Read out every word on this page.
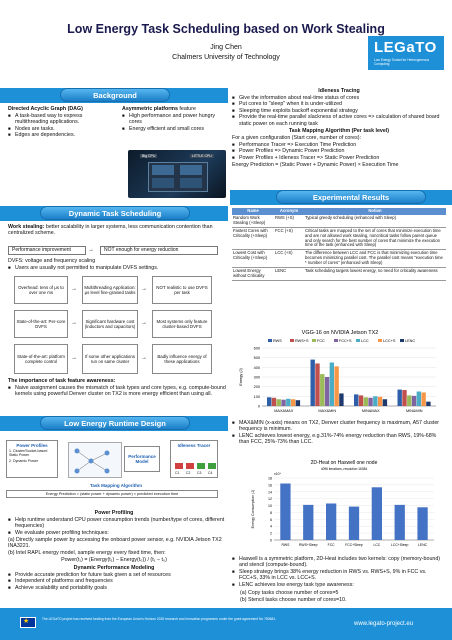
Low Energy Task Scheduling based on Work Stealing
Jing Chen
Chalmers University of Technology
LEGaTO
Low Energy Toolset for Heterogeneous Computing
Background
Directed Acyclic Graph (DAG)
■ A task-based way to express multithreading applications.
■ Nodes are tasks.
■ Edges are dependencies.
Asymmetric platforms feature
■ High performance and power hungry cores
■ Energy efficient and small cores
Big CPU	LITTLE CPU
Dynamic Task Scheduling
Work stealing: better scalability in larger systems, less communication contention than centralized scheme.
Performance improvement	→	NOT enough for energy reduction
DVFS: voltage and frequency scaling
■ Users are usually not permitted to manipulate DVFS settings.
Overhead: tens of μs to over one ms
Multithreading Application: μs level fine-grained tasks
NOT realistic to use DVFS per task
State-of-the-art: Per-core DVFS
Significant hardware cost (inductors and capacitors)
Most systems only feature cluster-based DVFS
State-of-the-art: platform complete control
If some other applications run on same cluster
Badly influence energy of these applications
→	→
→	→
→	→
The importance of task feature awareness:
■ Naive assignment causes the mismatch of task types and core types, e.g. compute-bound kernels using powerful Denver cluster on TX2 is more energy efficient than using all.
Low Energy Runtime Design
Power Profiles
1. Cluster/Socket-based Static Power
2. Dynamic Power
Performance Model
Idleness Tracer
C1 C2 C3 C4
Task Mapping Algorithm
Energy Prediction = (static power + dynamic power) × predicted execution time
Power Profiling
■ Help runtime understand CPU power consumption trends (number/type of cores, different frequencies)
■ We evaluate power profiling techniques:
(a) Directly sample power by accessing the onboard power sensor, e.g. NVIDIA Jetson TX2 INA3221.
(b) Intel RAPL energy model, sample energy every fixed time, then:
Power(t₁) = (Energy(t₁) − Energy(t₀)) / (t₁ − t₀)
Dynamic Performance Modeling
■ Provide accurate prediction for future task given a set of resources
■ Independent of platforms and frequencies
■ Achieve scalability and portability goals
Idleness Tracing
■ Give the information about real-time status of cores
■ Put cores to "sleep" when it is under-utilized
■ Sleeping time exploits backoff exponential strategy
■ Provide the real-time parallel slackness of active cores => calculation of shared board static power on each running task
Task Mapping Algorithm (Per task level)
For a given configuration (Start core, number of cores):
■ Performance Tracer => Execution Time Prediction
■ Power Profiles => Dynamic Power Prediction
■ Power Profiles + Idleness Tracer => Static Power Prediction
Energy Prediction = (Static Power + Dynamic Power) × Execution Time
Experimental Results
Name	Acronym	Notion
Random Work Stealing (+Sleep)	RWS (+S)	Typical greedy scheduling (enhanced with Sleep)
Fastest Cores with Criticality (+Sleep)	FCC (+S)	Critical tasks are mapped to the set of cores that minimize execution time and are not allowed work stealing, noncritical tasks follow parent queue and only search for the best number of cores that minimize the execution time of the task (enhanced with Sleep)
Lowest Cost with Criticality (+Sleep)	LCC (+S)	The difference between LCC and FCC is that minimizing execution time becomes minimizing parallel cost. The parallel cost means "execution time * number of cores" (enhanced with Sleep)
Lowest Energy without Criticality	LENC	Task scheduling targets lowest energy, no need for criticality awareness
VGG-16 on NVIDIA Jetson TX2
RWS	RWS+S FCC	FCC+S LCC	LCC+S	LENC
0
100
200
300
400
500
600
Energy (J)
MAX&MAX	MAX&MIN	MIN&MAX	MIN&MIN
■ MAX&MIN (x-axis) means on TX2, Denver cluster frequency is maximum, A57 cluster frequency is minimum.
■ LENC achieves lowest energy, e.g.31%-74% energy reduction than RWS, 19%-68% than FCC, 25%-73% than LCC.
2D-Heat on Haswell one node
4096 iterations, resolution 16384
x10⁴
0
2
4
6
8
10
12
14
16
18
Energy Consumption (J)
RWS	RWS+Sleep	FCC	FCC+Sleep	LCC	LCC+Sleep	LENC
■ Haswell is a symmetric platform, 2D-Heat includes two kernels: copy (memory-bound) and stencil (compute-bound).
■ Sleep strategy brings 38% energy reduction in RWS vs. RWS+S, 9% in FCC vs. FCC+S, 33% in LCC vs. LCC+S.
■ LENC achieves low energy task type awareness:
(a) Copy tasks choose number of cores=5
(b) Stencil tasks choose number of cores=10.
★	The LEGaTO project has received funding from the European Union's Horizon 2020 research and innovation programme under the grant agreement No 780681.
www.legato-project.eu
